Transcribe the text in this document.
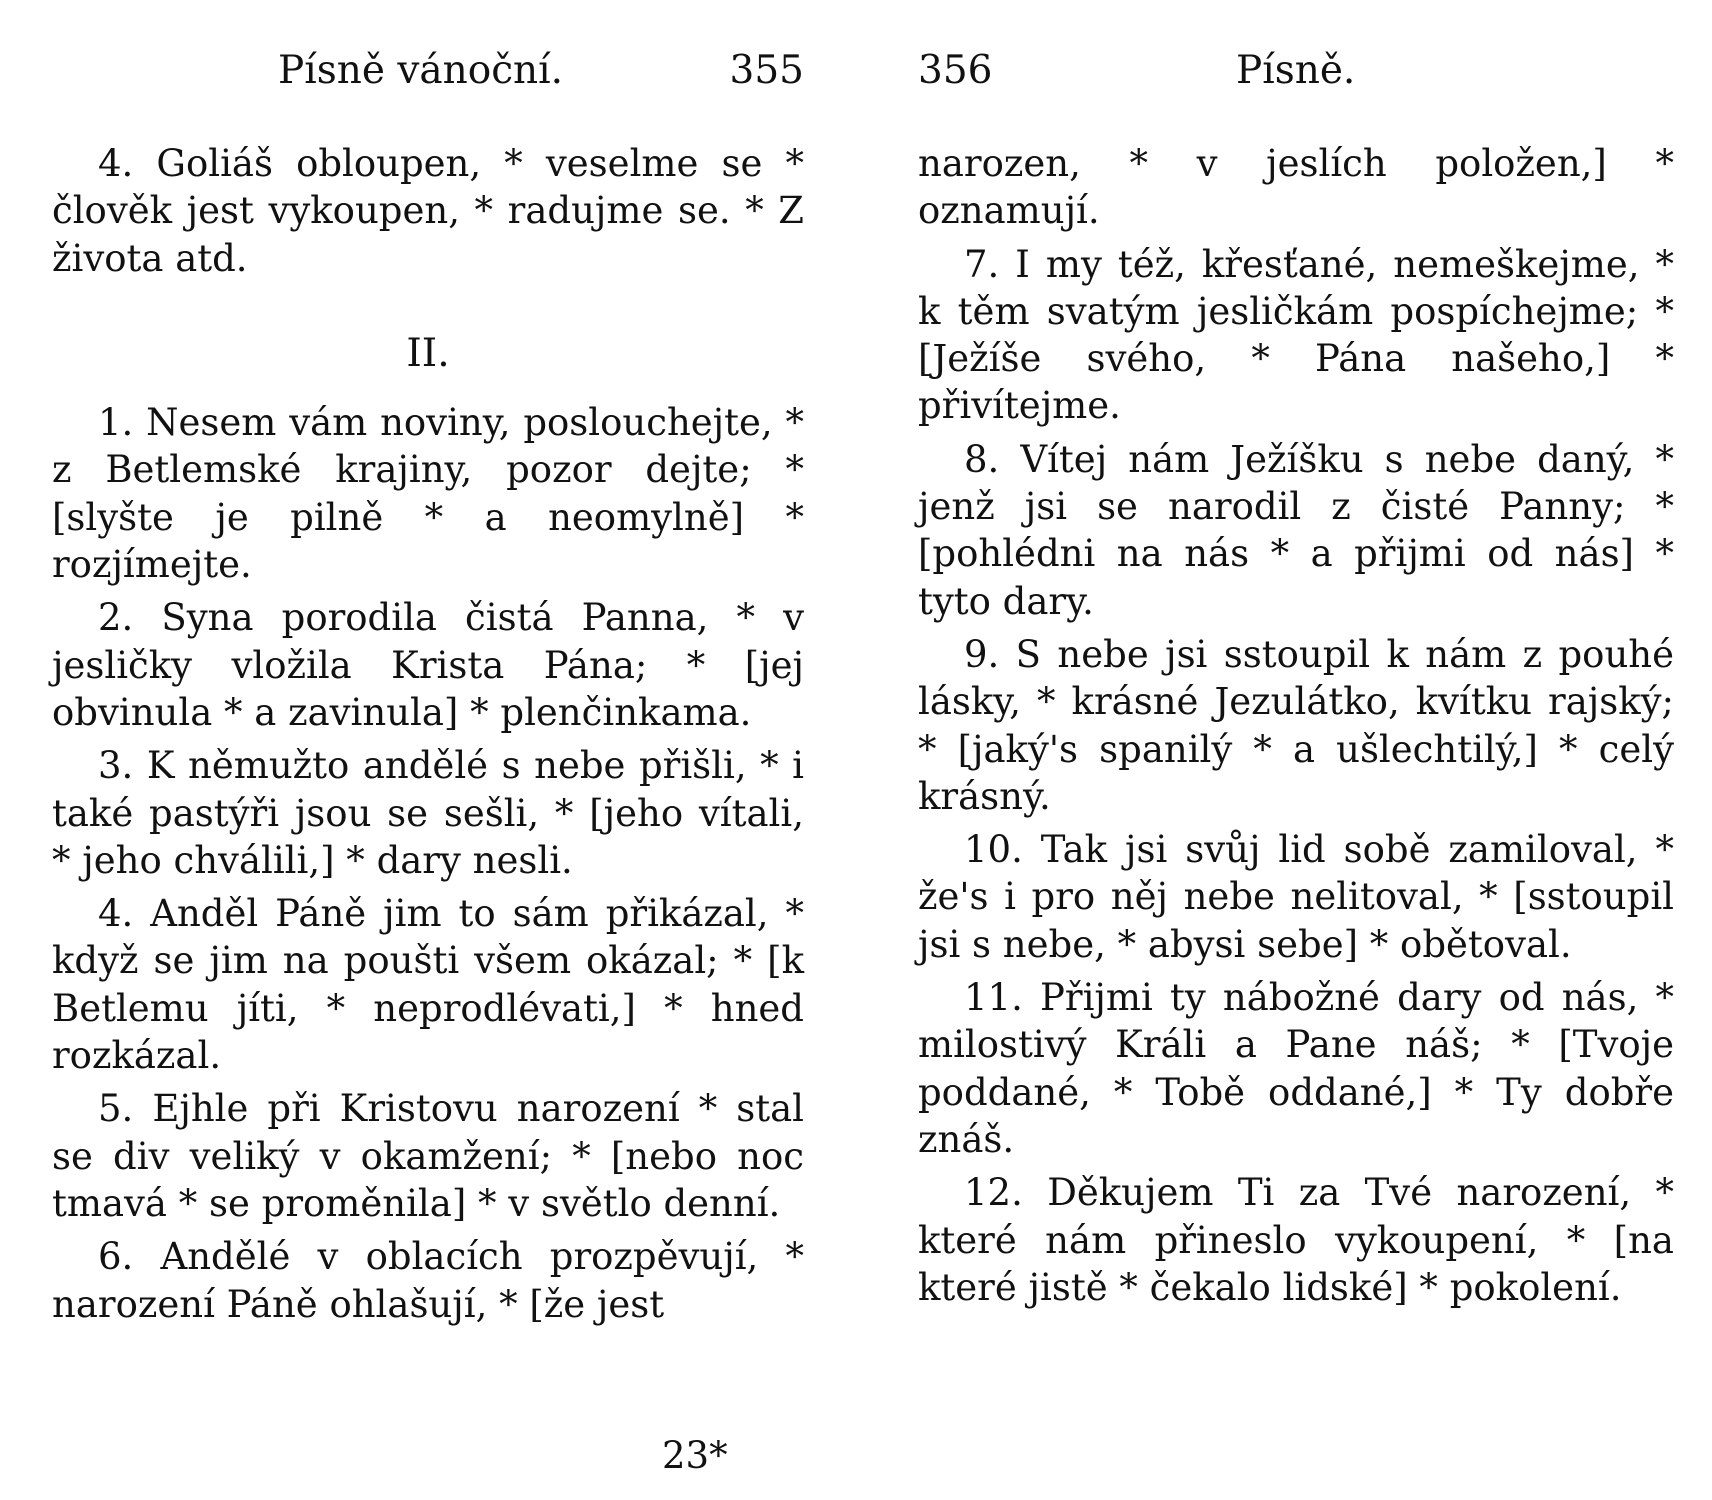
Písně vánoční.	355

4. Goliáš obloupen, * veselme se * člověk jest vykoupen, * radujme se. * Z života atd.

II.

1. Nesem vám noviny, poslouchejte, * z Betlemské krajiny, pozor dejte; * [slyšte je pilně * a neomylně] * rozjímejte.

2. Syna porodila čistá Panna, * v jesličky vložila Krista Pána; * [jej obvinula * a zavinula] * plenčinkama.

3. K němužto andělé s nebe přišli, * i také pastýři jsou se sešli, * [jeho vítali, * jeho chválili,] * dary nesli.

4. Anděl Páně jim to sám přikázal, * když se jim na poušti všem okázal; * [k Betlemu jíti, * neprodlévati,] * hned rozkázal.

5. Ejhle při Kristovu narození * stal se div veliký v okamžení; * [nebo noc tmavá * se proměnila] * v světlo denní.

6. Andělé v oblacích prozpěvují, * narození Páně ohlašují, * [že jest

23*
356	Písně.

narozen, * v jeslích položen,] * oznamují.

7. I my též, křesťané, nemeškejme, * k těm svatým jesličkám pospíchejme; * [Ježíše svého, * Pána našeho,] * přivítejme.

8. Vítej nám Ježíšku s nebe daný, * jenž jsi se narodil z čisté Panny; * [pohlédni na nás * a přijmi od nás] * tyto dary.

9. S nebe jsi sstoupil k nám z pouhé lásky, * krásné Jezulátko, kvítku rajský; * [jaký's spanilý * a ušlechtilý,] * celý krásný.

10. Tak jsi svůj lid sobě zamiloval, * že's i pro něj nebe nelitoval, * [sstoupil jsi s nebe, * abysi sebe] * obětoval.

11. Přijmi ty nábožné dary od nás, * milostivý Králi a Pane náš; * [Tvoje poddané, * Tobě oddané,] * Ty dobře znáš.

12. Děkujem Ti za Tvé narození, * které nám přineslo vykoupení, * [na které jistě * čekalo lidské] * pokolení.
